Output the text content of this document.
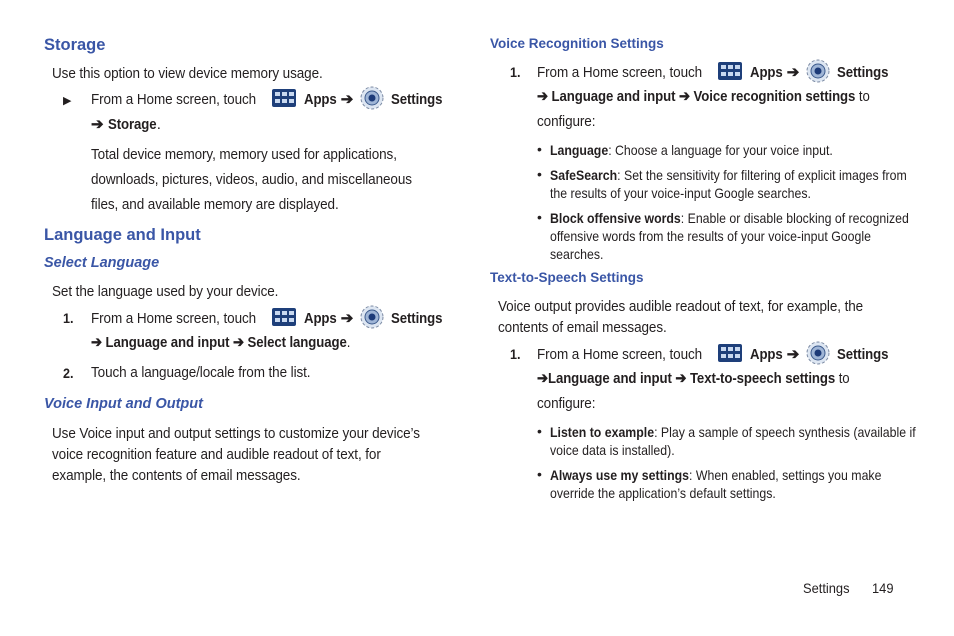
Storage
Use this option to view device memory usage.
▶ From a Home screen, touch	Apps ➔	Settings
➔ Storage.
Total device memory, memory used for applications,
downloads, pictures, videos, audio, and miscellaneous
files, and available memory are displayed.
Language and Input
Select Language
Set the language used by your device.
1. From a Home screen, touch	Apps ➔	Settings
➔ Language and input ➔ Select language.
2. Touch a language/locale from the list.
Voice Input and Output
Use Voice input and output settings to customize your device’s
voice recognition feature and audible readout of text, for
example, the contents of email messages.
Voice Recognition Settings
1. From a Home screen, touch	Apps ➔	Settings
➔ Language and input ➔ Voice recognition settings to
configure:
• Language: Choose a language for your voice input.
• SafeSearch: Set the sensitivity for filtering of explicit images from
the results of your voice-input Google searches.
• Block offensive words: Enable or disable blocking of recognized
offensive words from the results of your voice-input Google
searches.
Text-to-Speech Settings
Voice output provides audible readout of text, for example, the
contents of email messages.
1. From a Home screen, touch	Apps ➔	Settings
➔Language and input ➔ Text-to-speech settings to
configure:
• Listen to example: Play a sample of speech synthesis (available if
voice data is installed).
• Always use my settings: When enabled, settings you make
override the application’s default settings.
Settings 149
